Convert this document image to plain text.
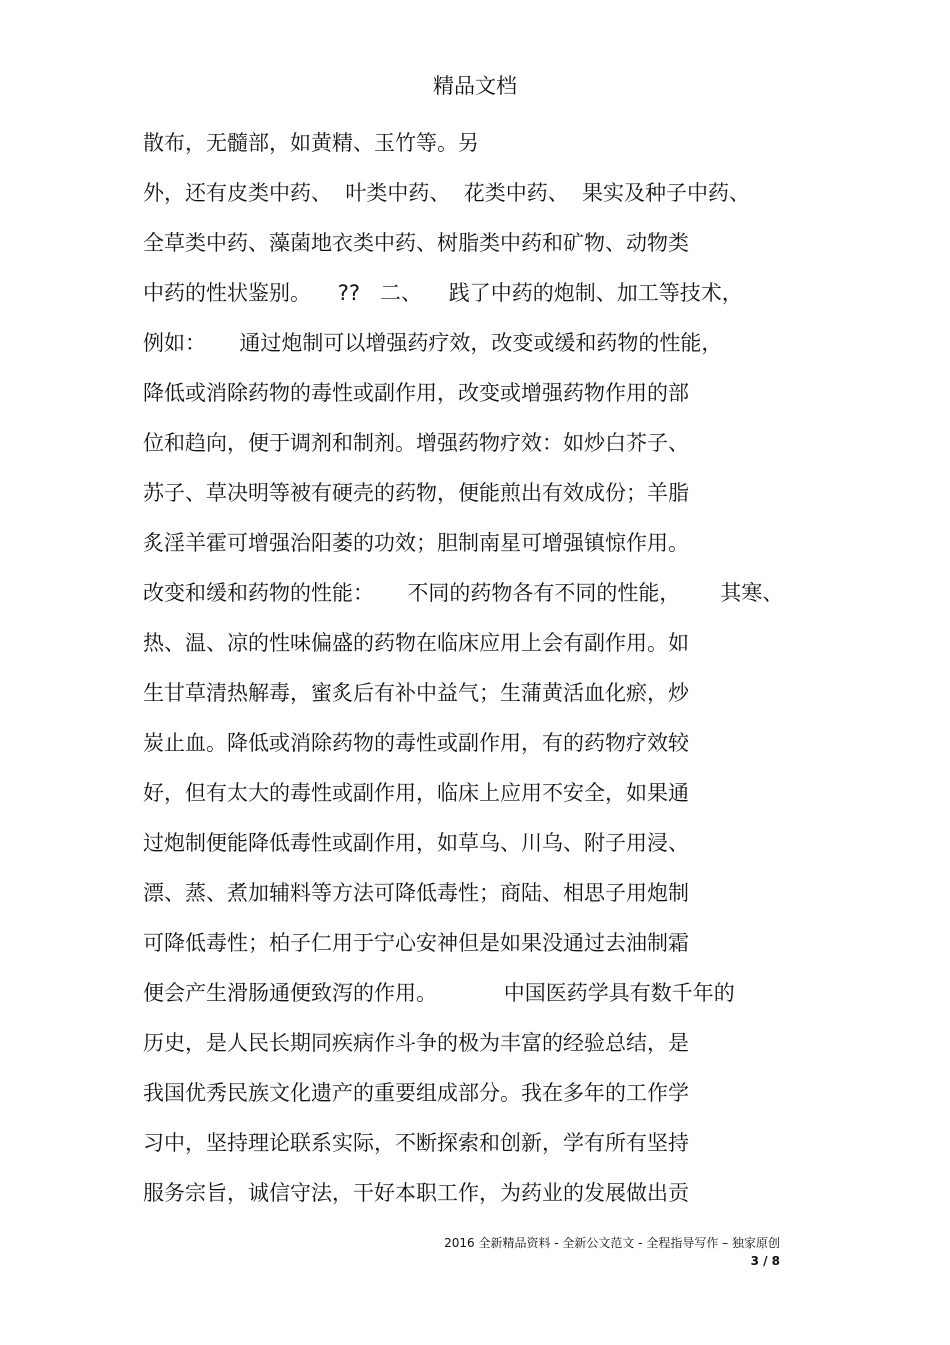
精品文档
散布，无髓部，如黄精、玉竹等。另
外，还有皮类中药、  叶类中药、  花类中药、  果实及种子中药、
全草类中药、藻菌地衣类中药、树脂类中药和矿物、动物类
中药的性状鉴别。    ??   二、    践了中药的炮制、加工等技术，
例如：     通过炮制可以增强药疗效，改变或缓和药物的性能，
降低或消除药物的毒性或副作用，改变或增强药物作用的部
位和趋向，便于调剂和制剂。增强药物疗效：如炒白芥子、
苏子、草决明等被有硬壳的药物，便能煎出有效成份；羊脂
炙淫羊霍可增强治阳萎的功效；胆制南星可增强镇惊作用。
改变和缓和药物的性能：     不同的药物各有不同的性能，      其寒、
热、温、凉的性味偏盛的药物在临床应用上会有副作用。如
生甘草清热解毒，蜜炙后有补中益气；生蒲黄活血化瘀，炒
炭止血。降低或消除药物的毒性或副作用，有的药物疗效较
好，但有太大的毒性或副作用，临床上应用不安全，如果通
过炮制便能降低毒性或副作用，如草乌、川乌、附子用浸、
漂、蒸、煮加辅料等方法可降低毒性；商陆、相思子用炮制
可降低毒性；柏子仁用于宁心安神但是如果没通过去油制霜
便会产生滑肠通便致泻的作用。          中国医药学具有数千年的
历史，是人民长期同疾病作斗争的极为丰富的经验总结，是
我国优秀民族文化遗产的重要组成部分。我在多年的工作学
习中，坚持理论联系实际，不断探索和创新，学有所有坚持
服务宗旨，诚信守法，干好本职工作，为药业的发展做出贡
2016 全新精品资料 - 全新公文范文 - 全程指导写作 – 独家原创
3 / 8
